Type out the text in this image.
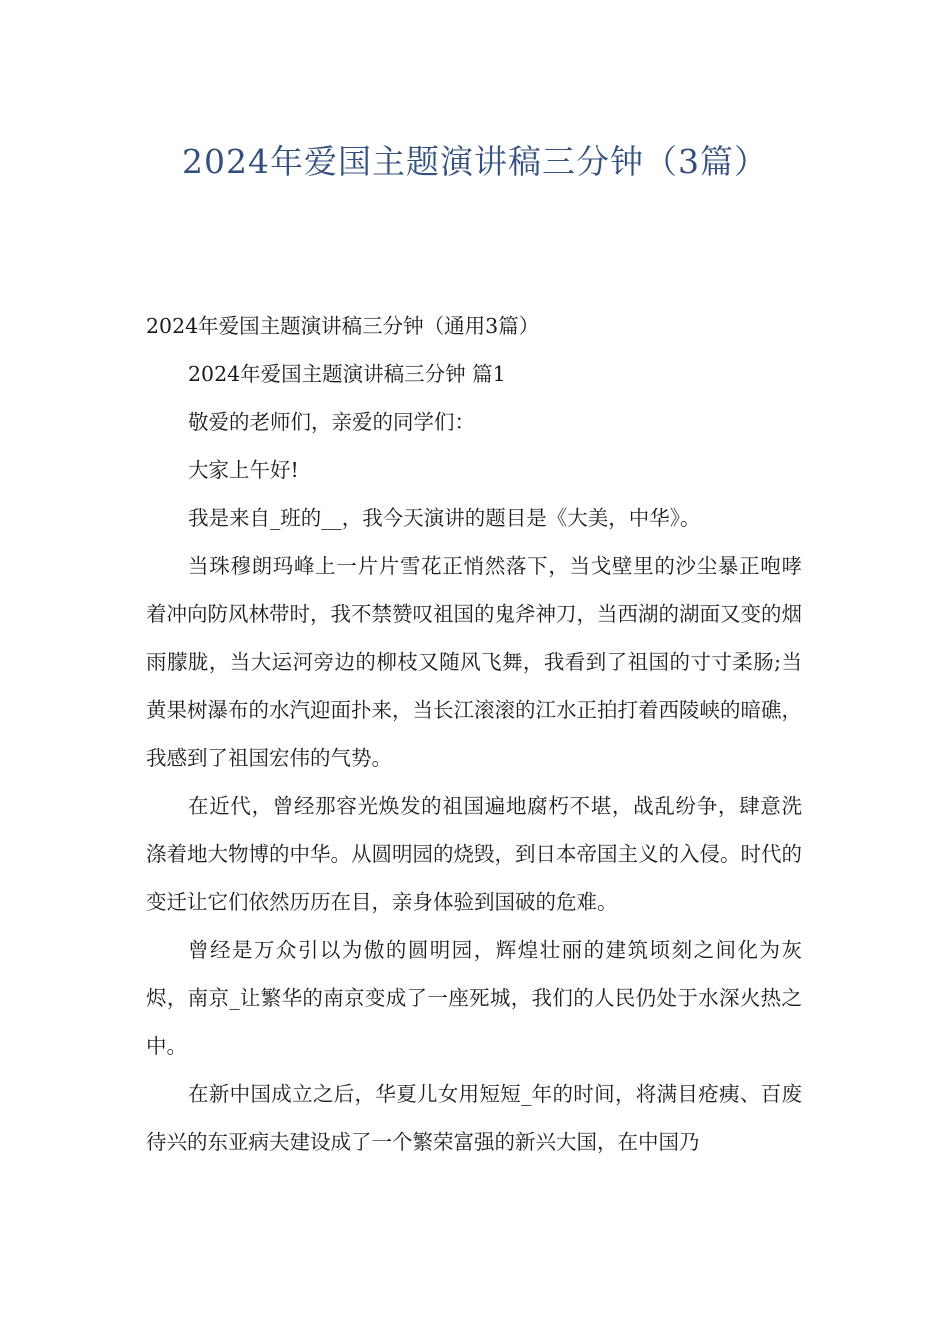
2024年爱国主题演讲稿三分钟（3篇）

2024年爱国主题演讲稿三分钟（通用3篇）

2024年爱国主题演讲稿三分钟 篇1

敬爱的老师们，亲爱的同学们：

大家上午好!

我是来自_班的__，我今天演讲的题目是《大美，中华》。

当珠穆朗玛峰上一片片雪花正悄然落下，当戈壁里的沙尘暴正咆哮着冲向防风林带时，我不禁赞叹祖国的鬼斧神刀，当西湖的湖面又变的烟雨朦胧，当大运河旁边的柳枝又随风飞舞，我看到了祖国的寸寸柔肠;当黄果树瀑布的水汽迎面扑来，当长江滚滚的江水正拍打着西陵峡的暗礁，我感到了祖国宏伟的气势。

在近代，曾经那容光焕发的祖国遍地腐朽不堪，战乱纷争，肆意洗涤着地大物博的中华。从圆明园的烧毁，到日本帝国主义的入侵。时代的变迁让它们依然历历在目，亲身体验到国破的危难。

曾经是万众引以为傲的圆明园，辉煌壮丽的建筑顷刻之间化为灰烬，南京_让繁华的南京变成了一座死城，我们的人民仍处于水深火热之中。

在新中国成立之后，华夏儿女用短短_年的时间，将满目疮痍、百废待兴的东亚病夫建设成了一个繁荣富强的新兴大国，在中国乃
